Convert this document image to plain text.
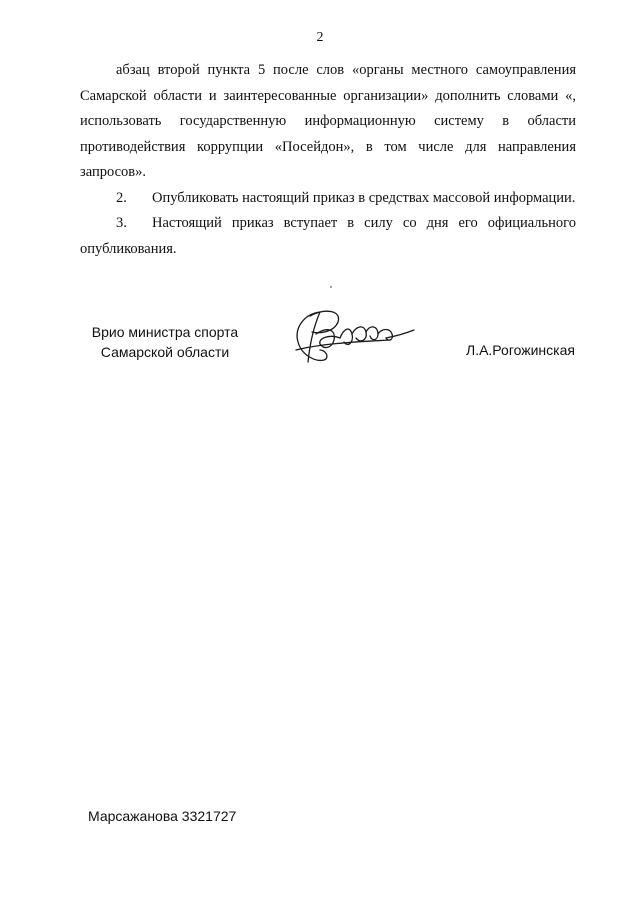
2

абзац второй пункта 5 после слов «органы местного самоуправления Самарской области и заинтересованные организации» дополнить словами «, использовать государственную информационную систему в области противодействия коррупции «Посейдон», в том числе для направления запросов».

2. Опубликовать настоящий приказ в средствах массовой информации.

3. Настоящий приказ вступает в силу со дня его официального опубликования.

Врио министра спорта
Самарской области	Л.А.Рогожинская
Марсажанова 3321727
